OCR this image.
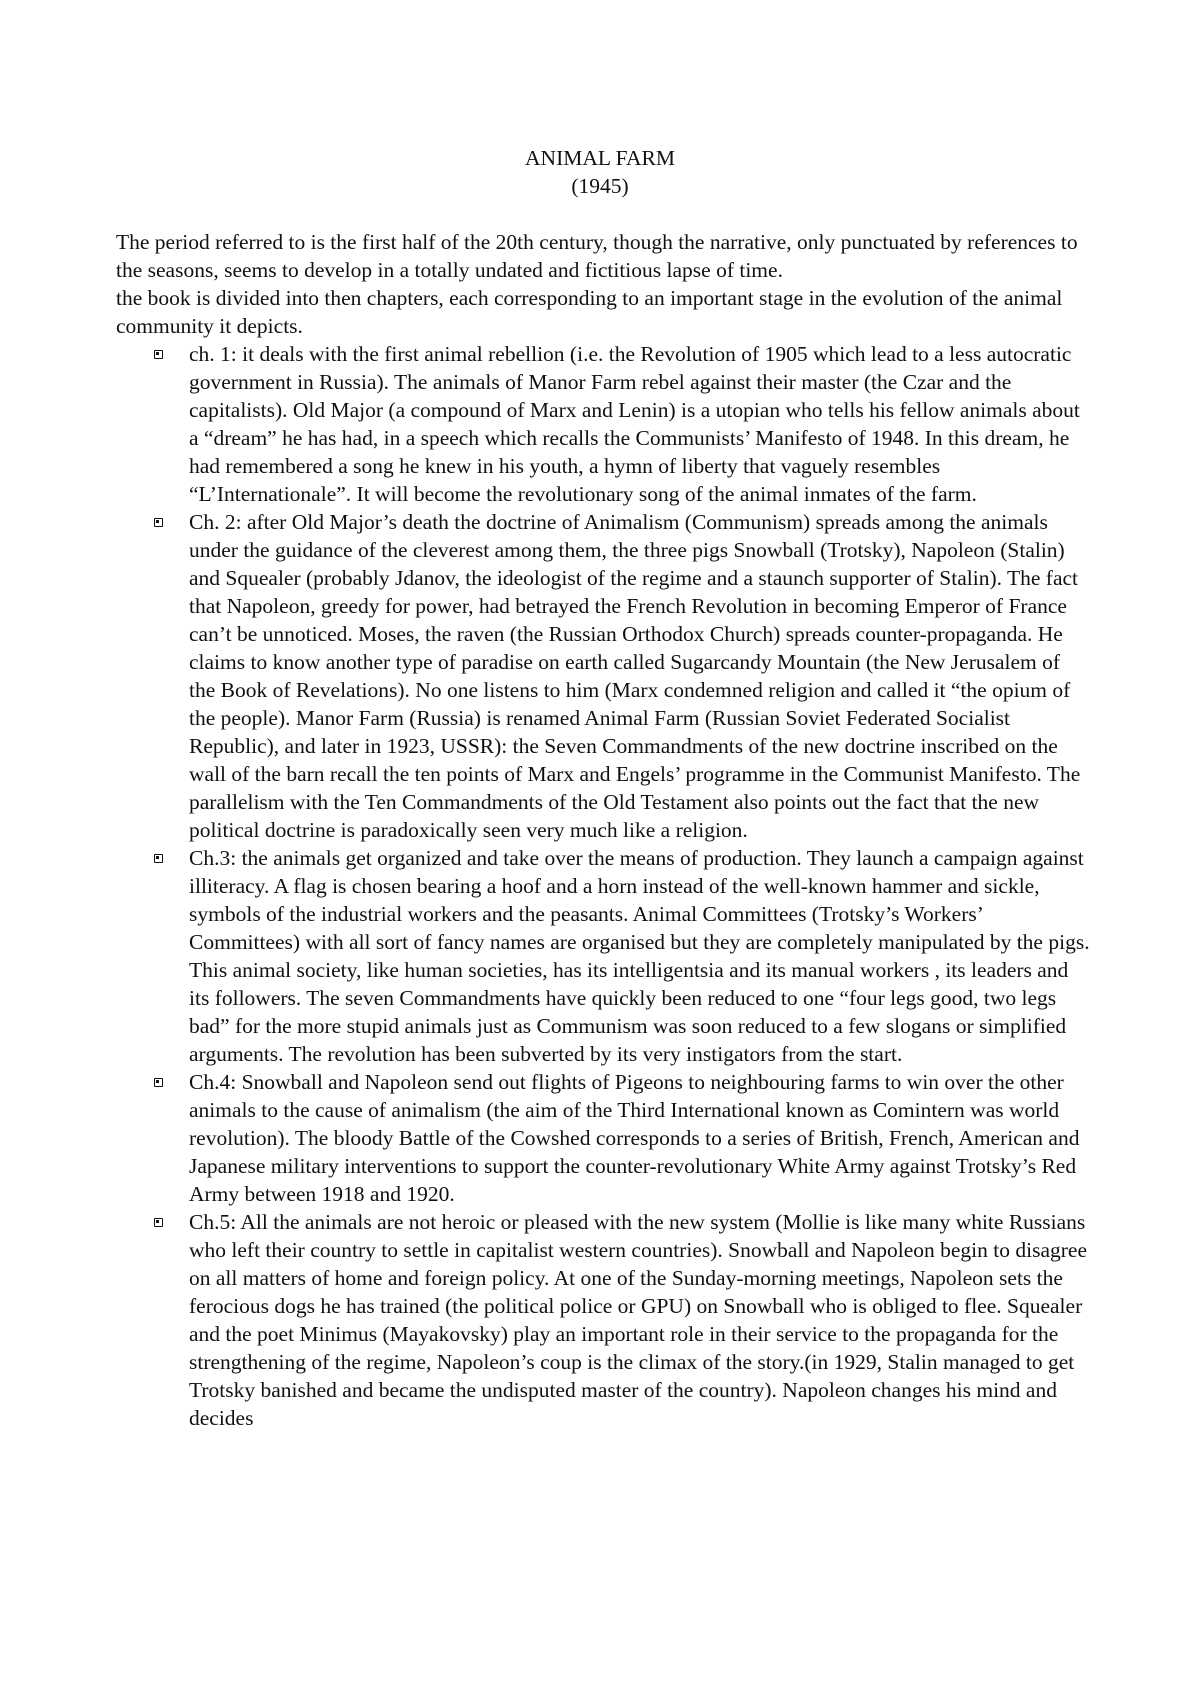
ANIMAL FARM
(1945)

The period referred to is the first half of the 20th century, though the narrative, only punctuated by references to the seasons, seems to develop in a totally undated and fictitious lapse of time.

the book is divided into then chapters, each corresponding to an important stage in the evolution of the animal community it depicts.

ch. 1: it deals with the first animal rebellion (i.e. the Revolution of 1905 which lead to a less autocratic government in Russia). The animals of Manor Farm rebel against their master (the Czar and the capitalists). Old Major (a compound of Marx and Lenin) is a utopian who tells his fellow animals about a “dream” he has had, in a speech which recalls the Communists’ Manifesto of 1948. In this dream, he had remembered a song he knew in his youth, a hymn of liberty that vaguely resembles “L’Internationale”. It will become the revolutionary song of the animal inmates of the farm.
Ch. 2: after Old Major’s death the doctrine of Animalism (Communism) spreads among the animals under the guidance of the cleverest among them, the three pigs Snowball (Trotsky), Napoleon (Stalin) and Squealer (probably Jdanov, the ideologist of the regime and a staunch supporter of Stalin). The fact that Napoleon, greedy for power, had betrayed the French Revolution in becoming Emperor of France can’t be unnoticed. Moses, the raven (the Russian Orthodox Church) spreads counter-propaganda. He claims to know another type of paradise on earth called Sugarcandy Mountain (the New Jerusalem of the Book of Revelations). No one listens to him (Marx condemned religion and called it “the opium of the people). Manor Farm (Russia) is renamed Animal Farm (Russian Soviet Federated Socialist Republic), and later in 1923, USSR): the Seven Commandments of the new doctrine inscribed on the wall of the barn recall the ten points of Marx and Engels’ programme in the Communist Manifesto. The parallelism with the Ten Commandments of the Old Testament also points out the fact that the new political doctrine is paradoxically seen very much like a religion.
Ch.3: the animals get organized and take over the means of production. They launch a campaign against illiteracy. A flag is chosen bearing a hoof and a horn instead of the well-known hammer and sickle, symbols of the industrial workers and the peasants. Animal Committees (Trotsky’s Workers’ Committees) with all sort of fancy names are organised but they are completely manipulated by the pigs. This animal society, like human societies, has its intelligentsia and its manual workers , its leaders and its followers. The seven Commandments have quickly been reduced to one “four legs good, two legs bad” for the more stupid animals just as Communism was soon reduced to a few slogans or simplified arguments. The revolution has been subverted by its very instigators from the start.
Ch.4: Snowball and Napoleon send out flights of Pigeons to neighbouring farms to win over the other animals to the cause of animalism (the aim of the Third International known as Comintern was world revolution). The bloody Battle of the Cowshed corresponds to a series of British, French, American and Japanese military interventions to support the counter-revolutionary White Army against Trotsky’s Red Army between 1918 and 1920.
Ch.5: All the animals are not heroic or pleased with the new system (Mollie is like many white Russians who left their country to settle in capitalist western countries). Snowball and Napoleon begin to disagree on all matters of home and foreign policy. At one of the Sunday-morning meetings, Napoleon sets the ferocious dogs he has trained (the political police or GPU) on Snowball who is obliged to flee. Squealer and the poet Minimus (Mayakovsky) play an important role in their service to the propaganda for the strengthening of the regime, Napoleon’s coup is the climax of the story.(in 1929, Stalin managed to get Trotsky banished and became the undisputed master of the country). Napoleon changes his mind and decides
